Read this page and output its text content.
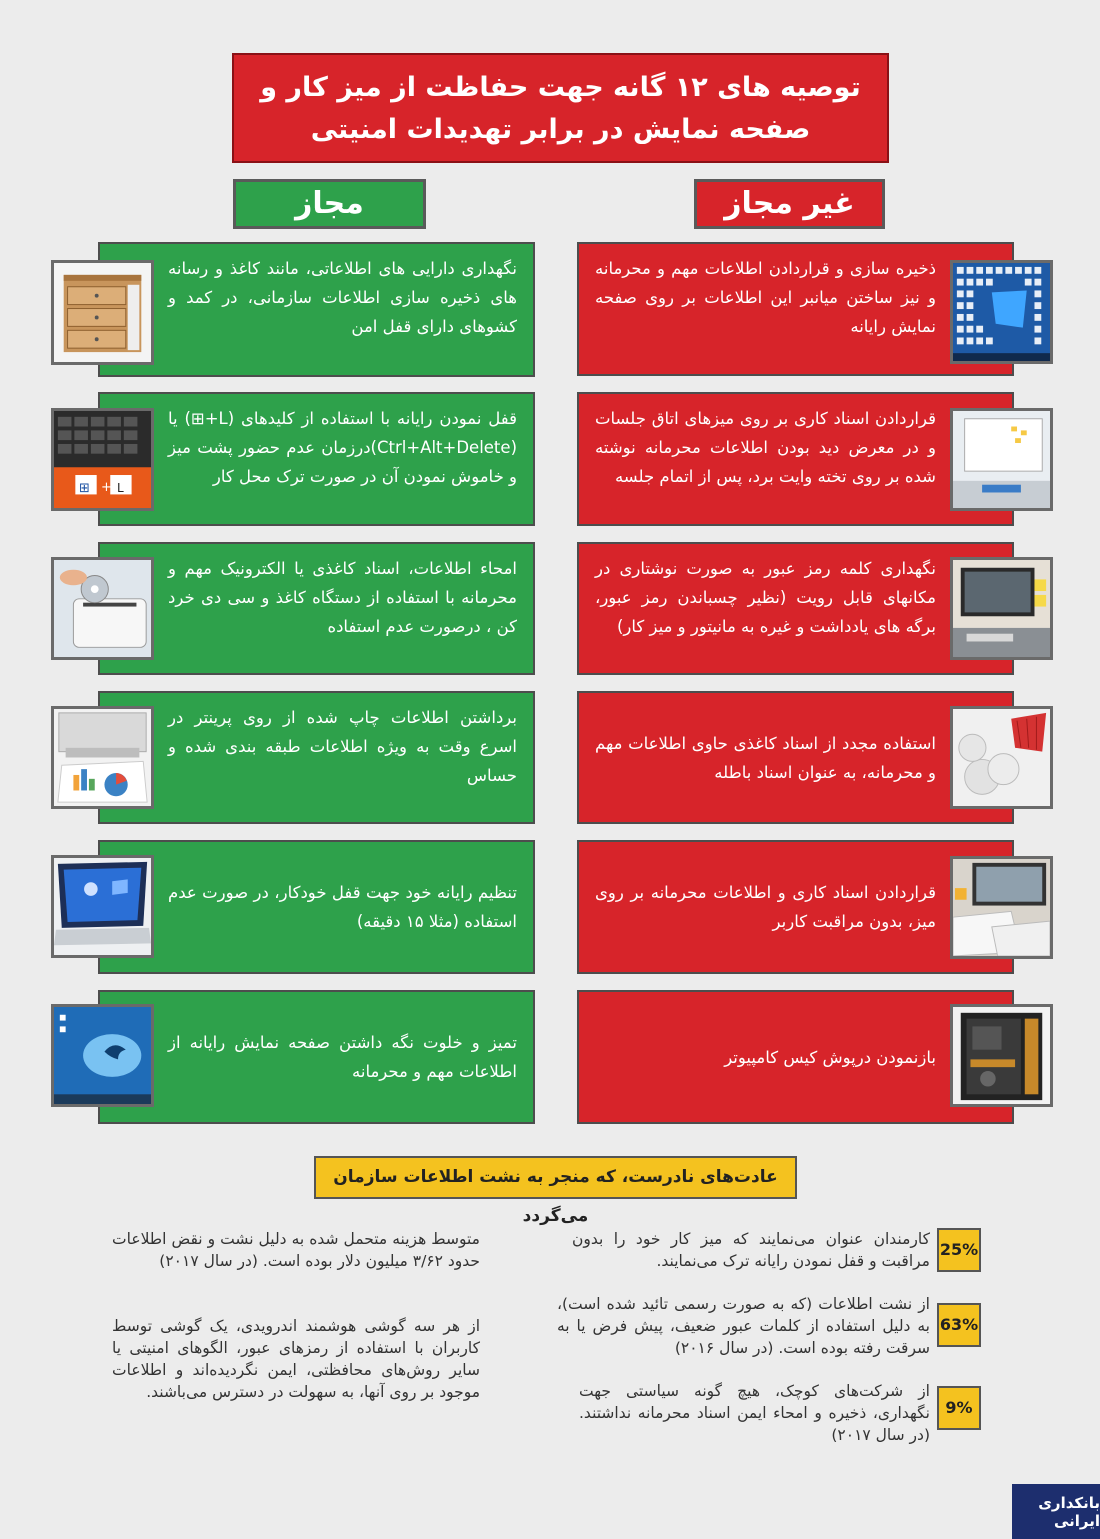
توصیه های ۱۲ گانه جهت حفاظت از میز کار و
صفحه نمایش در برابر تهدیدات امنیتی
مجاز	غیر مجاز
نگهداری دارایی های اطلاعاتی، مانند کاغذ و رسانه های ذخیره سازی اطلاعات سازمانی، در کمد و کشوهای دارای قفل امن
قفل نمودن رایانه با استفاده از کلیدهای (L+⊞) یا (Ctrl+Alt+Delete)درزمان عدم حضور پشت میز و خاموش نمودن آن در صورت ترک محل کار
⊞ + L
امحاء اطلاعات، اسناد کاغذی یا الکترونیک مهم و محرمانه با استفاده از دستگاه کاغذ و سی دی خرد کن ، درصورت عدم استفاده
برداشتن اطلاعات چاپ شده از روی پرینتر در اسرع وقت به ویژه اطلاعات طبقه بندی شده و حساس
تنظیم رایانه خود جهت قفل خودکار، در صورت عدم استفاده (مثلا ۱۵ دقیقه)
تمیز و خلوت نگه داشتن صفحه نمایش رایانه از اطلاعات مهم و محرمانه
ذخیره سازی و قراردادن اطلاعات مهم و محرمانه و نیز ساختن میانبر این اطلاعات بر روی صفحه نمایش رایانه
قراردادن اسناد کاری بر روی میزهای اتاق جلسات و در معرض دید بودن اطلاعات محرمانه نوشته شده بر روی تخته وایت برد، پس از اتمام جلسه
نگهداری کلمه رمز عبور به صورت نوشتاری در مکانهای قابل رویت (نظیر چسباندن رمز عبور، برگه های یادداشت و غیره به مانیتور و میز کار)
استفاده مجدد از اسناد کاغذی حاوی اطلاعات مهم و محرمانه، به عنوان اسناد باطله
قراردادن اسناد کاری و اطلاعات محرمانه بر روی میز، بدون مراقبت کاربر
بازنمودن درپوش کیس کامپیوتر
عادت‌های نادرست، که منجر به نشت اطلاعات سازمان می‌گردد
25%
کارمندان عنوان می‌نمایند که میز کار خود را بدون مراقبت و قفل نمودن رایانه ترک می‌نمایند.
63%
از نشت اطلاعات (که به صورت رسمی تائید شده است)، به دلیل استفاده از کلمات عبور ضعیف، پیش فرض یا به سرقت رفته بوده است. (در سال ۲۰۱۶)
9%
از شرکت‌های کوچک، هیچ گونه سیاستی جهت نگهداری، ذخیره و امحاء ایمن اسناد محرمانه نداشتند. (در سال ۲۰۱۷)
متوسط هزینه متحمل شده به دلیل نشت و نقض اطلاعات حدود ۳/۶۲ میلیون دلار بوده است. (در سال ۲۰۱۷)
از هر سه گوشی هوشمند اندرویدی، یک گوشی توسط کاربران با استفاده از رمزهای عبور، الگوهای امنیتی یا سایر روش‌های محافظتی، ایمن نگردیده‌اند و اطلاعات موجود بر روی آنها، به سهولت در دسترس می‌باشند.
بانکداری ایرانی
